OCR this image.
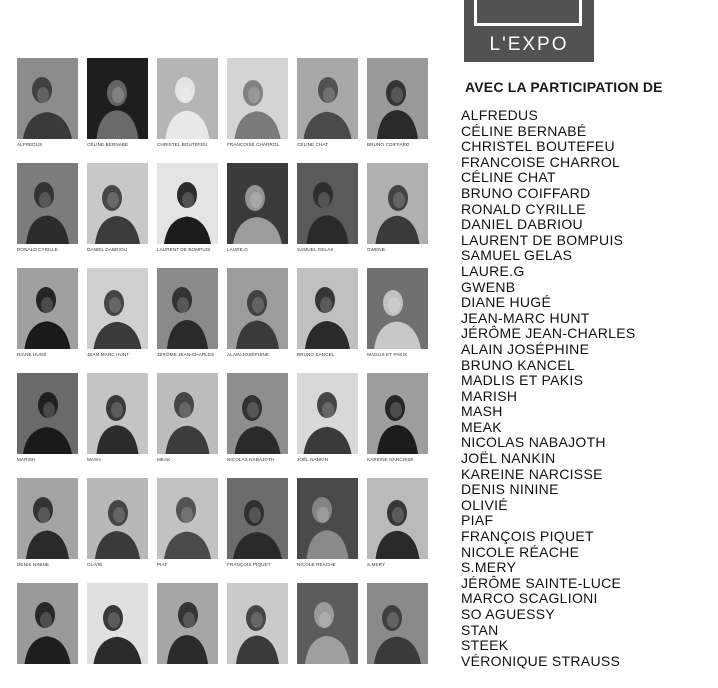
L'EXPO
AVEC LA PARTICIPATION DE
ALFREDUS
CÉLINE BERNABÉ
CHRISTEL BOUTEFEU
FRANCOISE CHARROL
CÉLINE CHAT
BRUNO COIFFARD
RONALD CYRILLE
DANIEL DABRIOU
LAURENT DE BOMPUIS
SAMUEL GELAS
LAURE.G
GWENB
DIANE HUGÉ
JEAN-MARC HUNT
JÉRÔME JEAN-CHARLES
ALAIN JOSÉPHINE
BRUNO KANCEL
MADLIS ET PAKIS
MARISH
MASH
MEAK
NICOLAS NABAJOTH
JOËL NANKIN
KAREINE NARCISSE
DENIS NININE
OLIVIÉ
PIAF
FRANÇOIS PIQUET
NICOLE RÉACHE
S.MERY
JÉRÔME SAINTE-LUCE
MARCO SCAGLIONI
SO AGUESSY
STAN
STEEK
VÉRONIQUE STRAUSS
ALFREDUS	CÉLINE BERNABÉ	CHRISTEL BOUTEFEU	FRANCOISE CHARROL	CÉLINE CHAT	BRUNO COIFFARD
RONALD CYRILLE	DANIEL DABRIOU	LAURENT DE BOMPUIS	LAURE.G	SAMUEL GELAS	GWENB
DIANE HUGÉ	JEAN-MARC HUNT	JÉRÔME JEAN-CHARLES	ALAIN JOSÉPHINE	BRUNO KANCEL	MADLIS ET PAKIS
MARISH	MASH	MEAK	NICOLAS NABAJOTH	JOËL NANKIN	KAREINE NARCISSE
DENIS NININE	OLIVIÉ	PIAF	FRANÇOIS PIQUET	NICOLE RÉACHE	S.MERY
